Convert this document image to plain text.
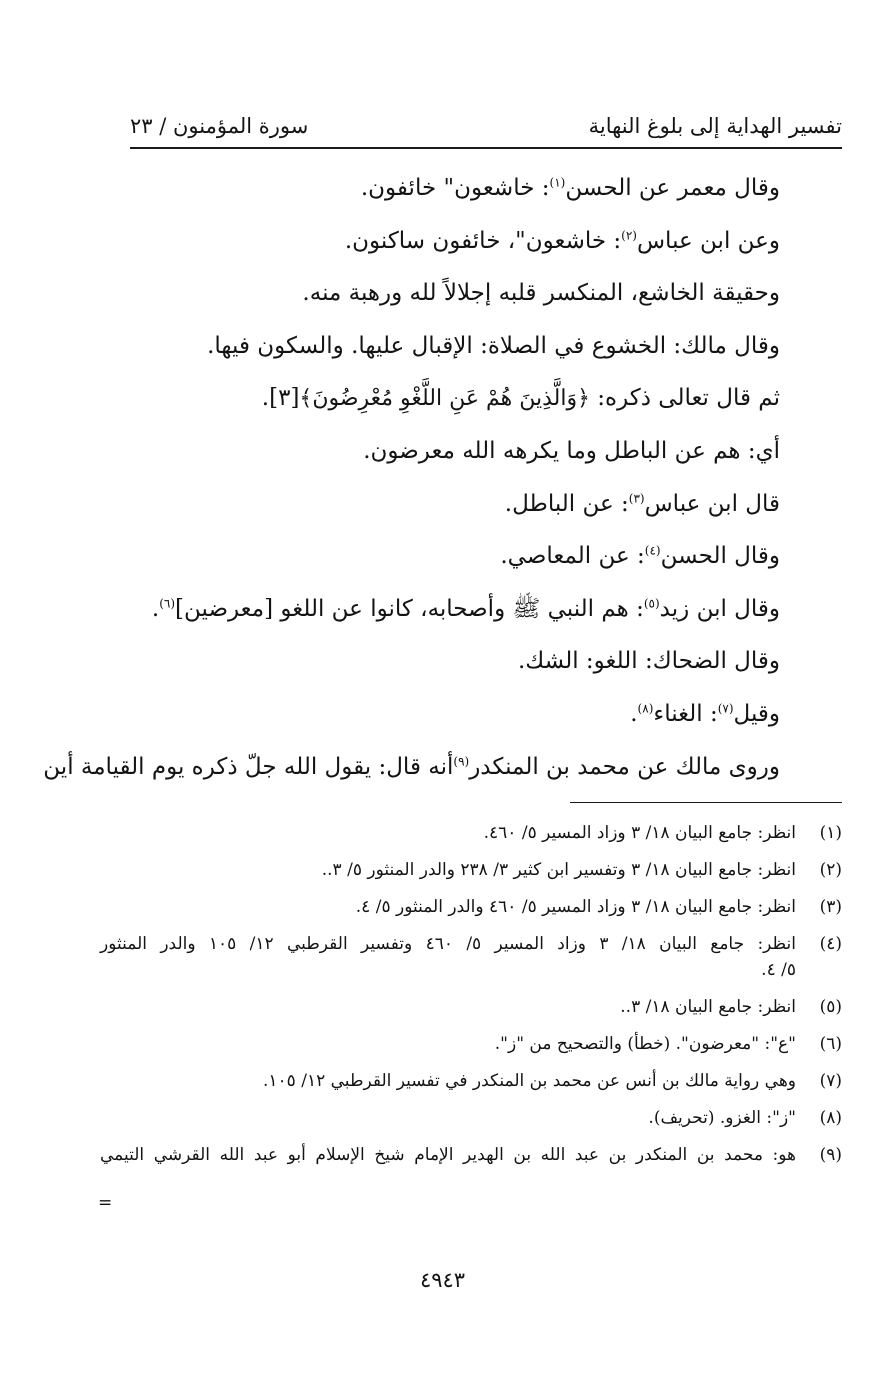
سورة المؤمنون / ٢٣	تفسير الهداية إلى بلوغ النهاية
وقال معمر عن الحسن$^{(١)}$: خاشعون" خائفون.
وعن ابن عباس$^{(٢)}$: خاشعون"، خائفون ساكنون.
وحقيقة الخاشع، المنكسر قلبه إجلالاً لله ورهبة منه.
وقال مالك: الخشوع في الصلاة: الإقبال عليها. والسكون فيها.
ثم قال تعالى ذكره: ﴿وَالَّذِينَ هُمْ عَنِ اللَّغْوِ مُعْرِضُونَ﴾[٣].
أي: هم عن الباطل وما يكرهه الله معرضون.
قال ابن عباس$^{(٣)}$: عن الباطل.
وقال الحسن$^{(٤)}$: عن المعاصي.
وقال ابن زيد$^{(٥)}$: هم النبي ﷺ وأصحابه، كانوا عن اللغو [معرضين]$^{(٦)}$.
وقال الضحاك: اللغو: الشك.
وقيل$^{(٧)}$: الغناء$^{(٨)}$.
وروى مالك عن محمد بن المنكدر$^{(٩)}$أنه قال: يقول الله جلّ ذكره يوم القيامة أين
(١)
انظر: جامع البيان ١٨/ ٣ وزاد المسير ٥/ ٤٦٠.
(٢)
انظر: جامع البيان ١٨/ ٣ وتفسير ابن كثير ٣/ ٢٣٨ والدر المنثور ٥/ ٣..
(٣)
انظر: جامع البيان ١٨/ ٣ وزاد المسير ٥/ ٤٦٠ والدر المنثور ٥/ ٤.
(٤)
انظر: جامع البيان ١٨/ ٣ وزاد المسير ٥/ ٤٦٠ وتفسير القرطبي ١٢/ ١٠٥ والدر المنثور
٥/ ٤.
(٥)
انظر: جامع البيان ١٨/ ٣..
(٦)
"ع": "معرضون". (خطأ) والتصحيح من "ز".
(٧)
وهي رواية مالك بن أنس عن محمد بن المنكدر في تفسير القرطبي ١٢/ ١٠٥.
(٨)
"ز": الغزو. (تحريف).
(٩)
هو: محمد بن المنكدر بن عبد الله بن الهدير الإمام شيخ الإسلام أبو عبد الله القرشي التيمي
=
٤٩٤٣
